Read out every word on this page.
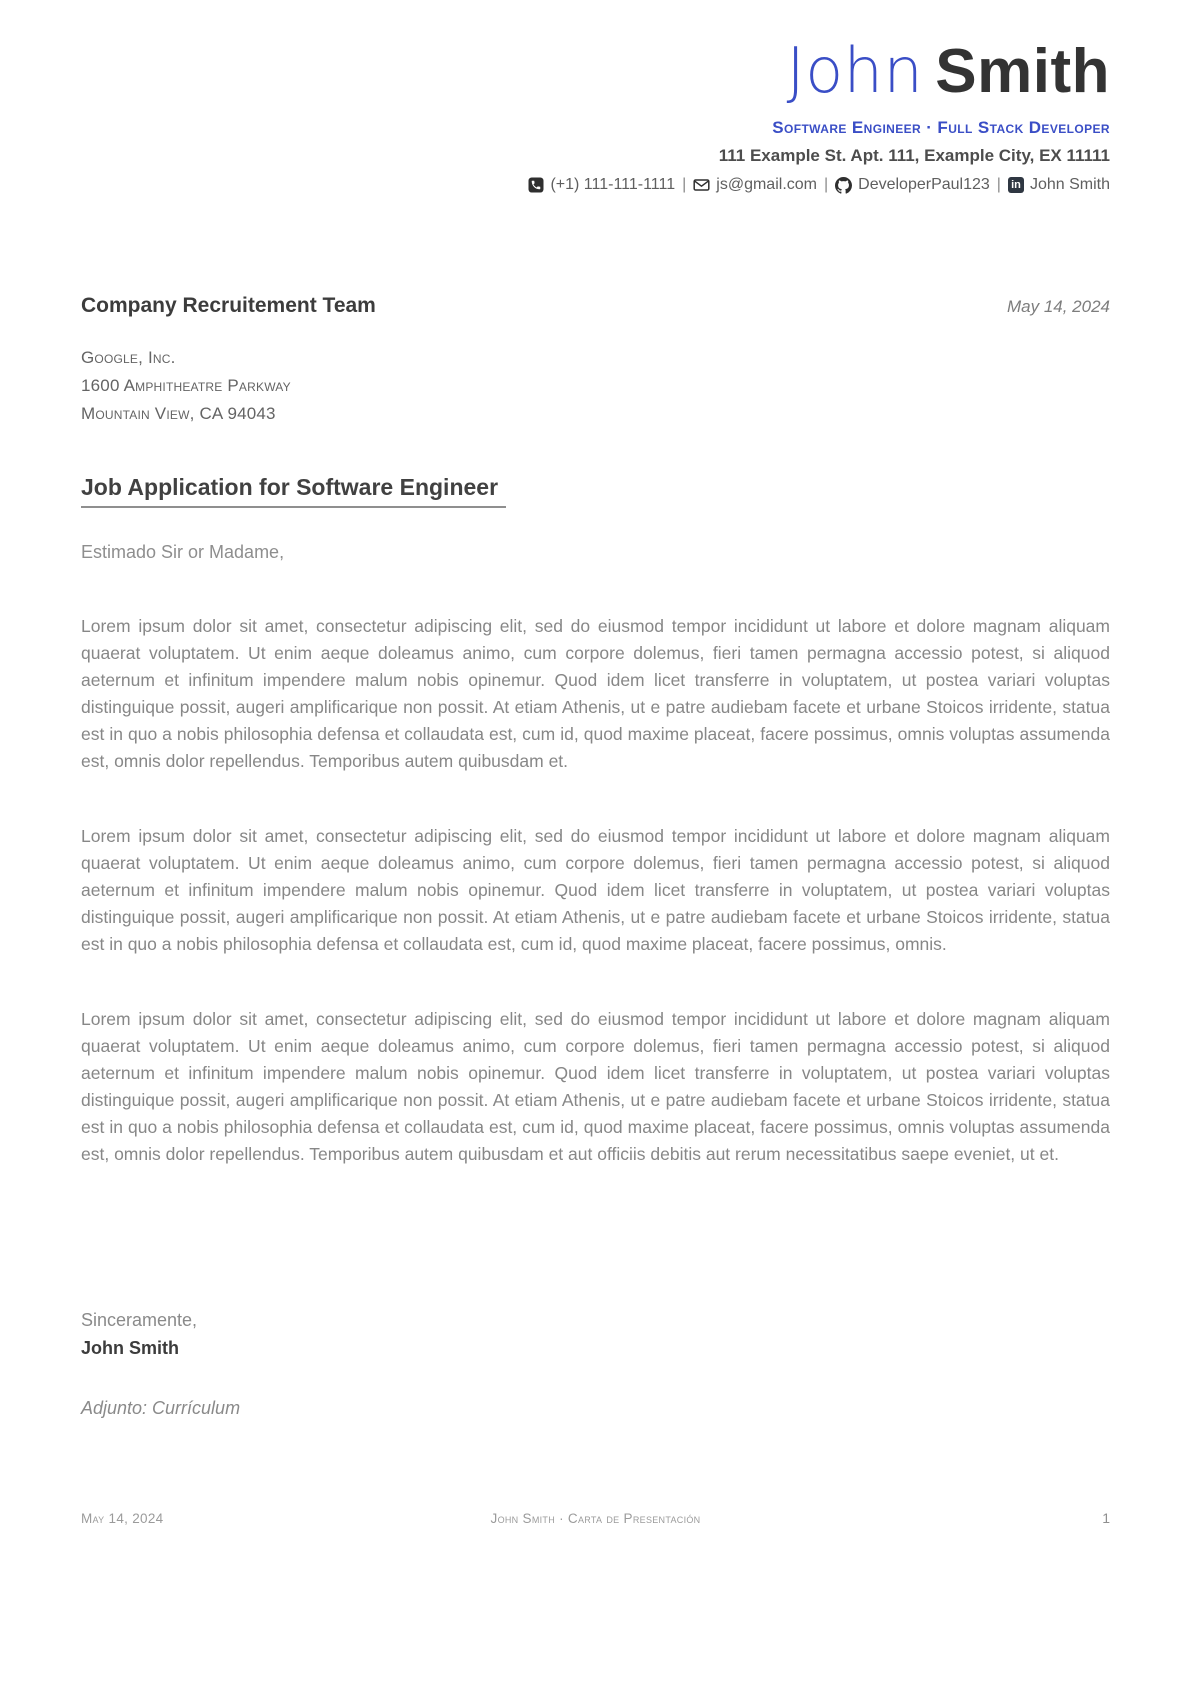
John Smith
Software Engineer · Full Stack Developer
111 Example St. Apt. 111, Example City, EX 11111
(+1) 111-111-1111 | js@gmail.com | DeveloperPaul123 | in John Smith
Company Recruitement Team	May 14, 2024
Google, Inc.
1600 Amphitheatre Parkway
Mountain View, CA 94043
Job Application for Software Engineer
Estimado Sir or Madame,

Lorem ipsum dolor sit amet, consectetur adipiscing elit, sed do eiusmod tempor incididunt ut labore et dolore magnam aliquam quaerat voluptatem. Ut enim aeque doleamus animo, cum corpore dolemus, fieri tamen permagna accessio potest, si aliquod aeternum et infinitum impendere malum nobis opinemur. Quod idem licet transferre in voluptatem, ut postea variari voluptas distinguique possit, augeri amplificarique non possit. At etiam Athenis, ut e patre audiebam facete et urbane Stoicos irridente, statua est in quo a nobis philosophia defensa et collaudata est, cum id, quod maxime placeat, facere possimus, omnis voluptas assumenda est, omnis dolor repellendus. Temporibus autem quibusdam et.

Lorem ipsum dolor sit amet, consectetur adipiscing elit, sed do eiusmod tempor incididunt ut labore et dolore magnam aliquam quaerat voluptatem. Ut enim aeque doleamus animo, cum corpore dolemus, fieri tamen permagna accessio potest, si aliquod aeternum et infinitum impendere malum nobis opinemur. Quod idem licet transferre in voluptatem, ut postea variari voluptas distinguique possit, augeri amplificarique non possit. At etiam Athenis, ut e patre audiebam facete et urbane Stoicos irridente, statua est in quo a nobis philosophia defensa et collaudata est, cum id, quod maxime placeat, facere possimus, omnis.

Lorem ipsum dolor sit amet, consectetur adipiscing elit, sed do eiusmod tempor incididunt ut labore et dolore magnam aliquam quaerat voluptatem. Ut enim aeque doleamus animo, cum corpore dolemus, fieri tamen permagna accessio potest, si aliquod aeternum et infinitum impendere malum nobis opinemur. Quod idem licet transferre in voluptatem, ut postea variari voluptas distinguique possit, augeri amplificarique non possit. At etiam Athenis, ut e patre audiebam facete et urbane Stoicos irridente, statua est in quo a nobis philosophia defensa et collaudata est, cum id, quod maxime placeat, facere possimus, omnis voluptas assumenda est, omnis dolor repellendus. Temporibus autem quibusdam et aut officiis debitis aut rerum necessitatibus saepe eveniet, ut et.

Sinceramente,
John Smith
Adjunto: Currículum
May 14, 2024	John Smith · Carta de Presentación	1
